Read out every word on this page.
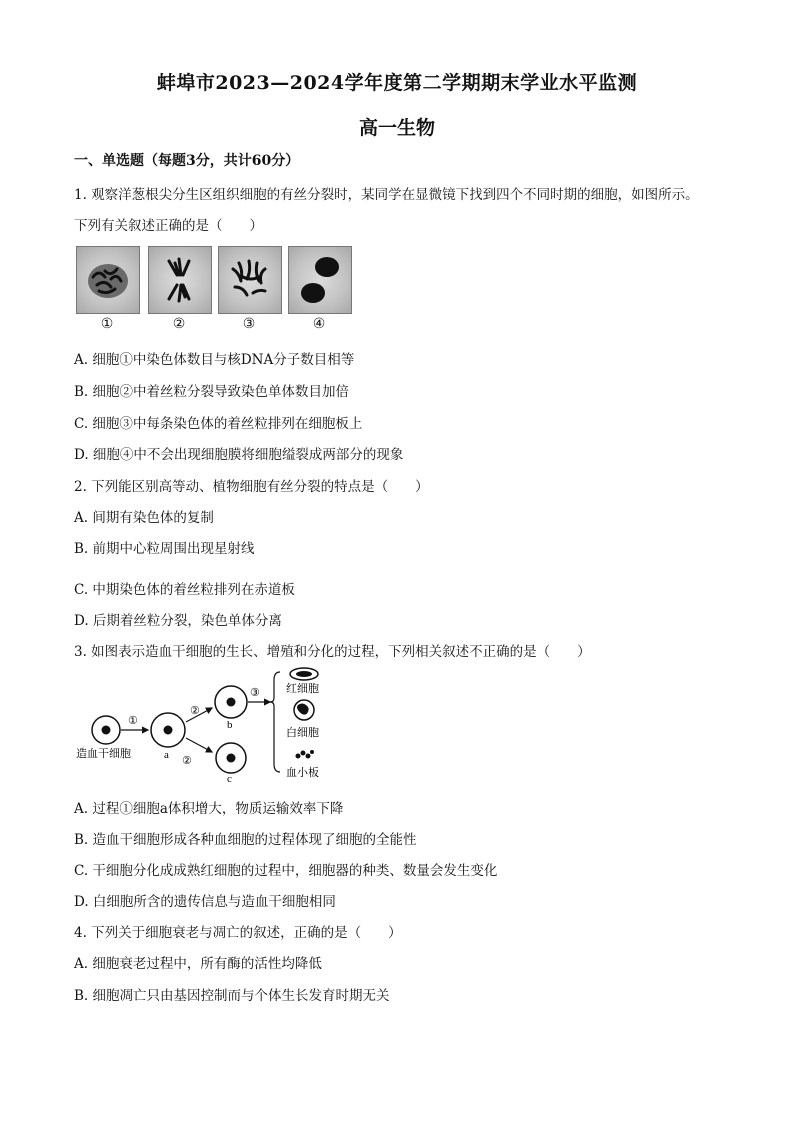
蚌埠市2023—2024学年度第二学期期末学业水平监测
高一生物
一、单选题（每题3分，共计60分）
1. 观察洋葱根尖分生区组织细胞的有丝分裂时，某同学在显微镜下找到四个不同时期的细胞，如图所示。
下列有关叙述正确的是（　　）
①	②	③	④
A. 细胞①中染色体数目与核DNA分子数目相等
B. 细胞②中着丝粒分裂导致染色单体数目加倍
C. 细胞③中每条染色体的着丝粒排列在细胞板上
D. 细胞④中不会出现细胞膜将细胞缢裂成两部分的现象
2. 下列能区别高等动、植物细胞有丝分裂的特点是（　　）
A. 间期有染色体的复制
B. 前期中心粒周围出现星射线
C. 中期染色体的着丝粒排列在赤道板
D. 后期着丝粒分裂，染色单体分离
3. 如图表示造血干细胞的生长、增殖和分化的过程，下列相关叙述不正确的是（　　）
造血干细胞
①
a
②
②
b
c
③ 红细胞
白细胞
血小板
A. 过程①细胞a体积增大，物质运输效率下降
B. 造血干细胞形成各种血细胞的过程体现了细胞的全能性
C. 干细胞分化成成熟红细胞的过程中，细胞器的种类、数量会发生变化
D. 白细胞所含的遗传信息与造血干细胞相同
4. 下列关于细胞衰老与凋亡的叙述，正确的是（　　）
A. 细胞衰老过程中，所有酶的活性均降低
B. 细胞凋亡只由基因控制而与个体生长发育时期无关
